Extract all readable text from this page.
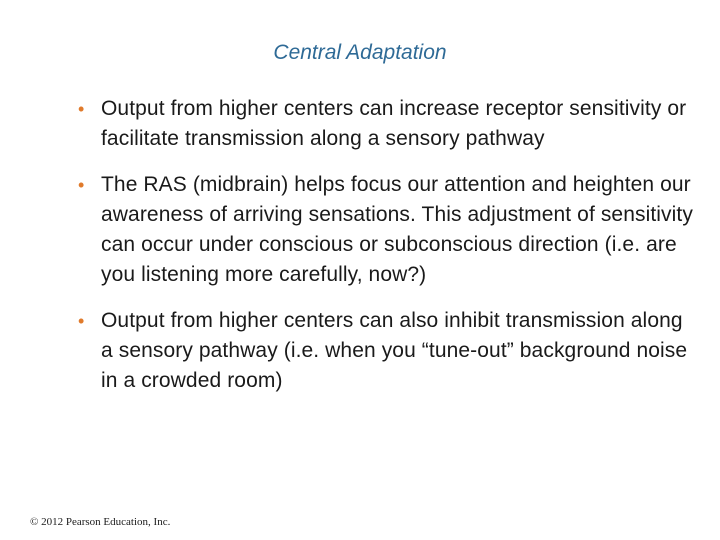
Central Adaptation
• Output from higher centers can increase receptor sensitivity or facilitate transmission along a sensory pathway
• The RAS (midbrain) helps focus our attention and heighten our awareness of arriving sensations. This adjustment of sensitivity can occur under conscious or subconscious direction (i.e. are you listening more carefully, now?)
• Output from higher centers can also inhibit transmission along a sensory pathway (i.e. when you “tune-out” background noise in a crowded room)
© 2012 Pearson Education, Inc.
